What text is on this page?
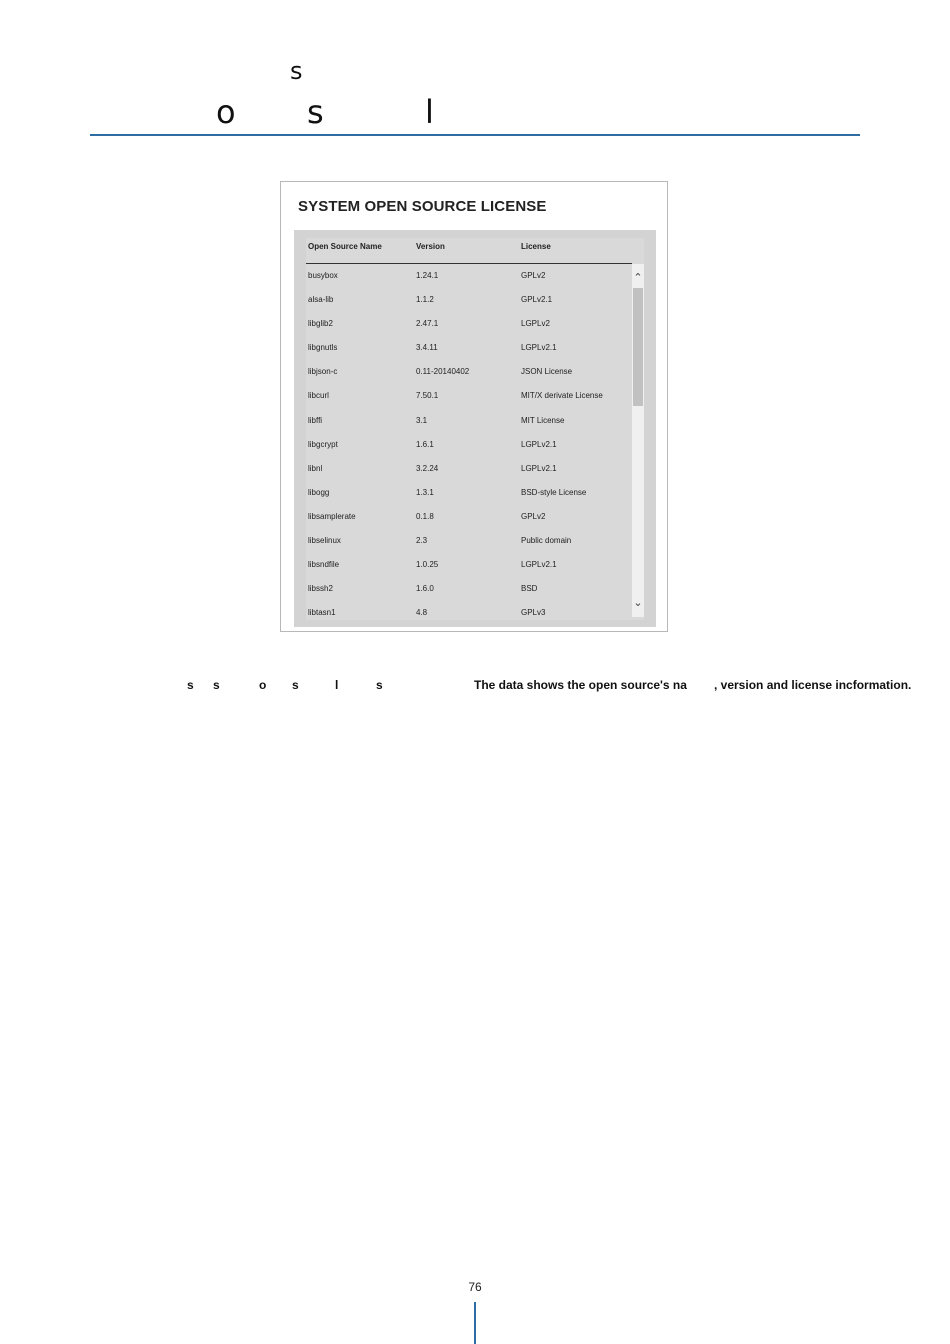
s
o s	l
SYSTEM OPEN SOURCE LICENSE
Open Source Name	Version	License
busybox	1.24.1	GPLv2
alsa-lib	1.1.2	GPLv2.1
libglib2	2.47.1	LGPLv2
libgnutls	3.4.11	LGPLv2.1
libjson-c	0.11-20140402	JSON License
libcurl	7.50.1	MIT/X derivate License
libffi	3.1	MIT License
libgcrypt	1.6.1	LGPLv2.1
libnl	3.2.24	LGPLv2.1
libogg	1.3.1	BSD-style License
libsamplerate	0.1.8	GPLv2
libselinux	2.3	Public domain
libsndfile	1.0.25	LGPLv2.1
libssh2	1.6.0	BSD
libtasn1	4.8	GPLv3
⌃
⌄
s s	o s	l	s	The data shows the open source's na , version and license incformation.
76
